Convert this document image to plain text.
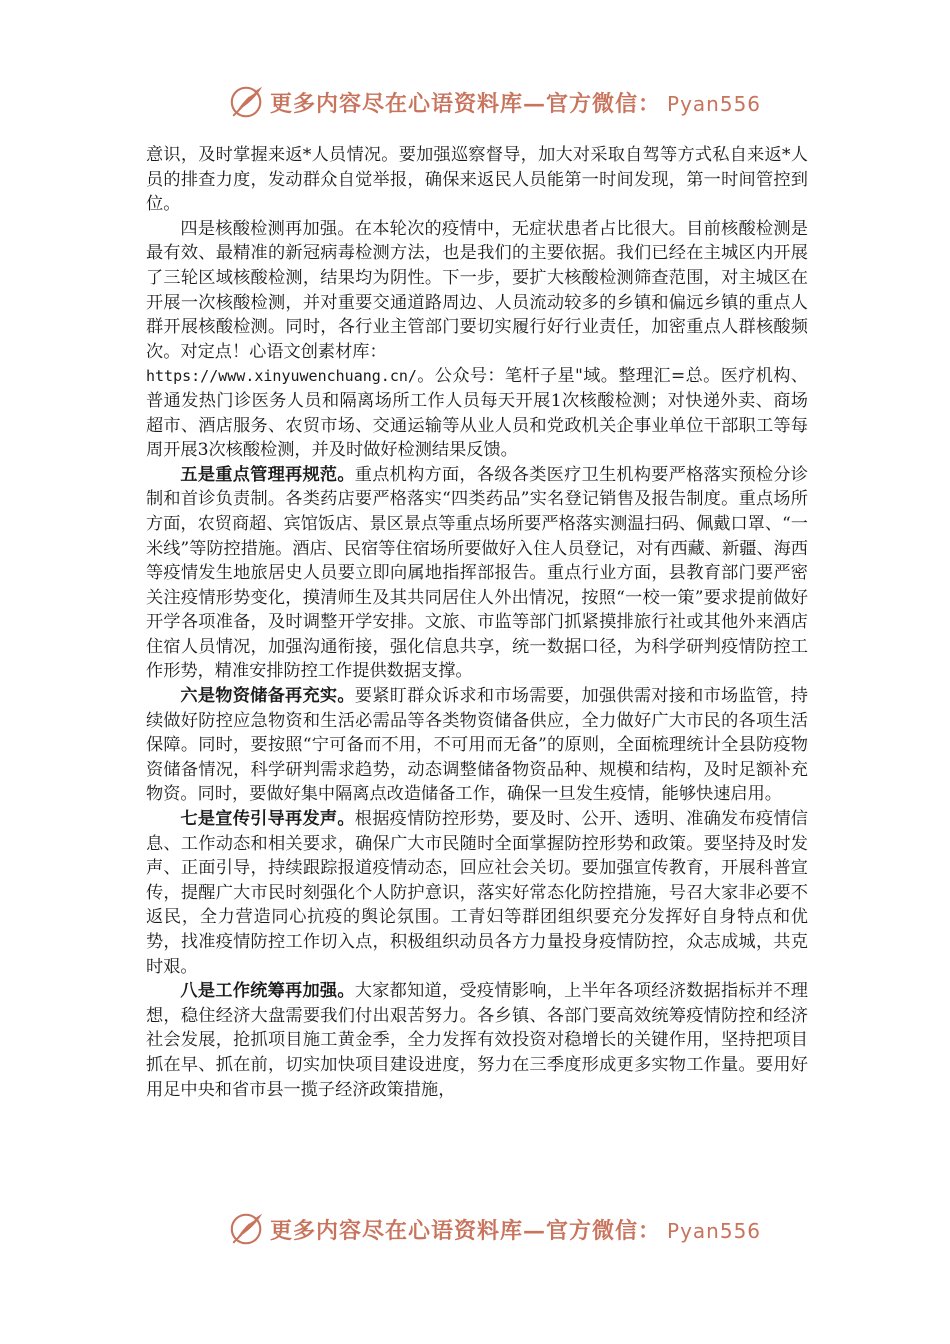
更多内容尽在心语资料库—官方微信： Pyan556

意识，及时掌握来返*人员情况。要加强巡察督导，加大对采取自驾等方式私自来返*人员的排查力度，发动群众自觉举报，确保来返民人员能第一时间发现，第一时间管控到位。

四是核酸检测再加强。在本轮次的疫情中，无症状患者占比很大。目前核酸检测是最有效、最精准的新冠病毒检测方法，也是我们的主要依据。我们已经在主城区内开展了三轮区域核酸检测，结果均为阴性。下一步，要扩大核酸检测筛查范围，对主城区在开展一次核酸检测，并对重要交通道路周边、人员流动较多的乡镇和偏远乡镇的重点人群开展核酸检测。同时，各行业主管部门要切实履行好行业责任，加密重点人群核酸频次。对定点！心语文创素材库：
https://www.xinyuwenchuang.cn/。公众号：笔杆子星"域。整理汇=总。医疗机构、普通发热门诊医务人员和隔离场所工作人员每天开展1次核酸检测；对快递外卖、商场超市、酒店服务、农贸市场、交通运输等从业人员和党政机关企事业单位干部职工等每周开展3次核酸检测，并及时做好检测结果反馈。

五是重点管理再规范。重点机构方面，各级各类医疗卫生机构要严格落实预检分诊制和首诊负责制。各类药店要严格落实“四类药品”实名登记销售及报告制度。重点场所方面，农贸商超、宾馆饭店、景区景点等重点场所要严格落实测温扫码、佩戴口罩、“一米线”等防控措施。酒店、民宿等住宿场所要做好入住人员登记，对有西藏、新疆、海西等疫情发生地旅居史人员要立即向属地指挥部报告。重点行业方面，县教育部门要严密关注疫情形势变化，摸清师生及其共同居住人外出情况，按照“一校一策”要求提前做好开学各项准备，及时调整开学安排。文旅、市监等部门抓紧摸排旅行社或其他外来酒店住宿人员情况，加强沟通衔接，强化信息共享，统一数据口径，为科学研判疫情防控工作形势，精准安排防控工作提供数据支撑。

六是物资储备再充实。要紧盯群众诉求和市场需要，加强供需对接和市场监管，持续做好防控应急物资和生活必需品等各类物资储备供应，全力做好广大市民的各项生活保障。同时，要按照“宁可备而不用，不可用而无备”的原则，全面梳理统计全县防疫物资储备情况，科学研判需求趋势，动态调整储备物资品种、规模和结构，及时足额补充物资。同时，要做好集中隔离点改造储备工作，确保一旦发生疫情，能够快速启用。

七是宣传引导再发声。根据疫情防控形势，要及时、公开、透明、准确发布疫情信息、工作动态和相关要求，确保广大市民随时全面掌握防控形势和政策。要坚持及时发声、正面引导，持续跟踪报道疫情动态，回应社会关切。要加强宣传教育，开展科普宣传，提醒广大市民时刻强化个人防护意识，落实好常态化防控措施，号召大家非必要不返民，全力营造同心抗疫的舆论氛围。工青妇等群团组织要充分发挥好自身特点和优势，找准疫情防控工作切入点，积极组织动员各方力量投身疫情防控，众志成城，共克时艰。

八是工作统筹再加强。大家都知道，受疫情影响，上半年各项经济数据指标并不理想，稳住经济大盘需要我们付出艰苦努力。各乡镇、各部门要高效统筹疫情防控和经济社会发展，抢抓项目施工黄金季，全力发挥有效投资对稳增长的关键作用，坚持把项目抓在早、抓在前，切实加快项目建设进度，努力在三季度形成更多实物工作量。要用好用足中央和省市县一揽子经济政策措施，

更多内容尽在心语资料库—官方微信： Pyan556
